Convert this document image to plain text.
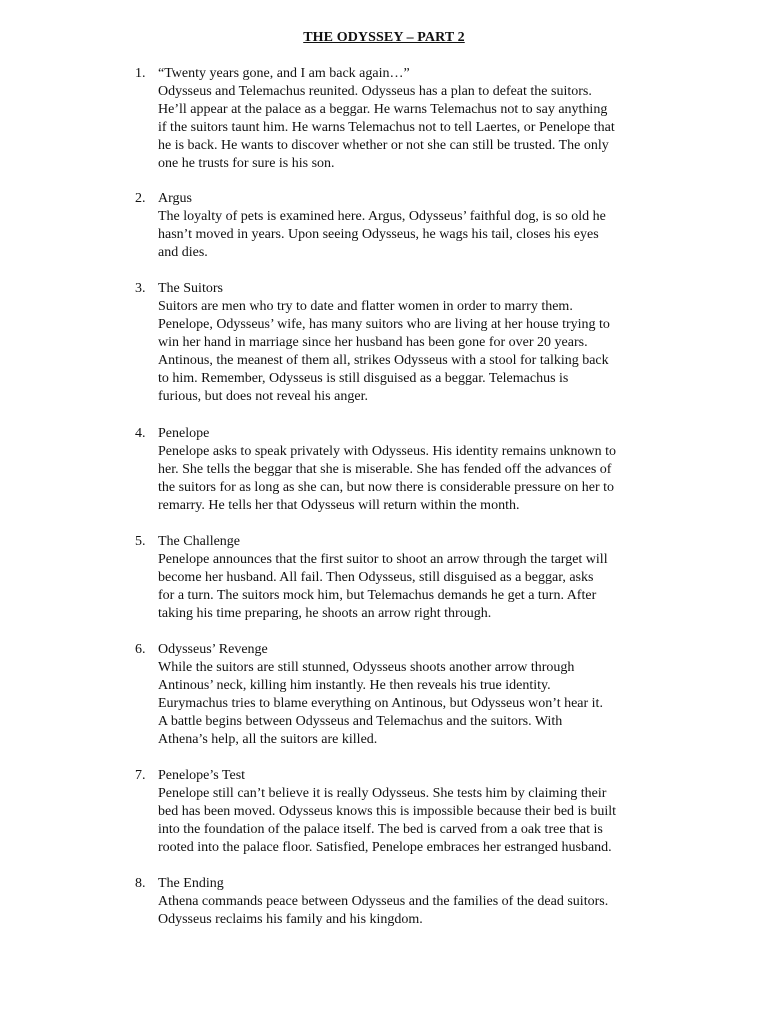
THE ODYSSEY – PART 2
1. “Twenty years gone, and I am back again…”
Odysseus and Telemachus reunited. Odysseus has a plan to defeat the suitors.
He’ll appear at the palace as a beggar. He warns Telemachus not to say anything
if the suitors taunt him. He warns Telemachus not to tell Laertes, or Penelope that
he is back. He wants to discover whether or not she can still be trusted. The only
one he trusts for sure is his son.
2. Argus
The loyalty of pets is examined here. Argus, Odysseus’ faithful dog, is so old he
hasn’t moved in years. Upon seeing Odysseus, he wags his tail, closes his eyes
and dies.
3. The Suitors
Suitors are men who try to date and flatter women in order to marry them.
Penelope, Odysseus’ wife, has many suitors who are living at her house trying to
win her hand in marriage since her husband has been gone for over 20 years.
Antinous, the meanest of them all, strikes Odysseus with a stool for talking back
to him. Remember, Odysseus is still disguised as a beggar. Telemachus is
furious, but does not reveal his anger.
4. Penelope
Penelope asks to speak privately with Odysseus. His identity remains unknown to
her. She tells the beggar that she is miserable. She has fended off the advances of
the suitors for as long as she can, but now there is considerable pressure on her to
remarry. He tells her that Odysseus will return within the month.
5. The Challenge
Penelope announces that the first suitor to shoot an arrow through the target will
become her husband. All fail. Then Odysseus, still disguised as a beggar, asks
for a turn. The suitors mock him, but Telemachus demands he get a turn. After
taking his time preparing, he shoots an arrow right through.
6. Odysseus’ Revenge
While the suitors are still stunned, Odysseus shoots another arrow through
Antinous’ neck, killing him instantly. He then reveals his true identity.
Eurymachus tries to blame everything on Antinous, but Odysseus won’t hear it.
A battle begins between Odysseus and Telemachus and the suitors. With
Athena’s help, all the suitors are killed.
7. Penelope’s Test
Penelope still can’t believe it is really Odysseus. She tests him by claiming their
bed has been moved. Odysseus knows this is impossible because their bed is built
into the foundation of the palace itself. The bed is carved from a oak tree that is
rooted into the palace floor. Satisfied, Penelope embraces her estranged husband.
8. The Ending
Athena commands peace between Odysseus and the families of the dead suitors.
Odysseus reclaims his family and his kingdom.
